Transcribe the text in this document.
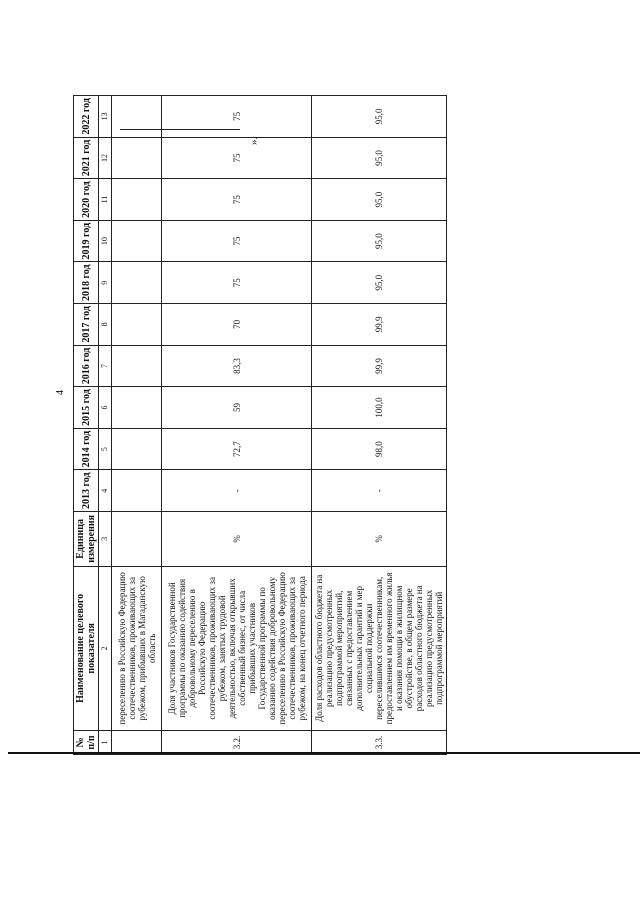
4
№ п/п	Наименование целевого показателя	Единица измерения	2013 год	2014 год	2015 год	2016 год	2017 год	2018 год	2019 год	2020 год	2021 год	2022 год
1	2	3	4	5	6	7	8	9	10	11	12	13
	переселению в Российскую Федерацию соотечественников, проживающих за рубежом, прибывших в Магаданскую область											
3.2.	Доля участников Государственной программы по оказанию содействия добровольному переселению в Российскую Федерацию соотечественников, проживающих за рубежом, занятых трудовой деятельностью, включая открывших собственный бизнес, от числа прибывших участников Государственной программы по оказанию содействия добровольному переселению в Российскую Федерацию соотечественников, проживающих за рубежом, на конец отчетного периода	%	-	72,7	59	83,3	70	75	75	75	75	75
3.3.	Доля расходов областного бюджета на реализацию предусмотренных подпрограммой мероприятий, связанных с предоставлением дополнительных гарантий и мер социальной поддержки переселившимся соотечественникам, предоставлением им временного жилья и оказания помощи в жилищном обустройстве, в общем размере расходов областного бюджета на реализацию предусмотренных подпрограммой мероприятий	%	-	98,0	100,0	99,9	99,9	95,0	95,0	95,0	95,0	95,0
».
